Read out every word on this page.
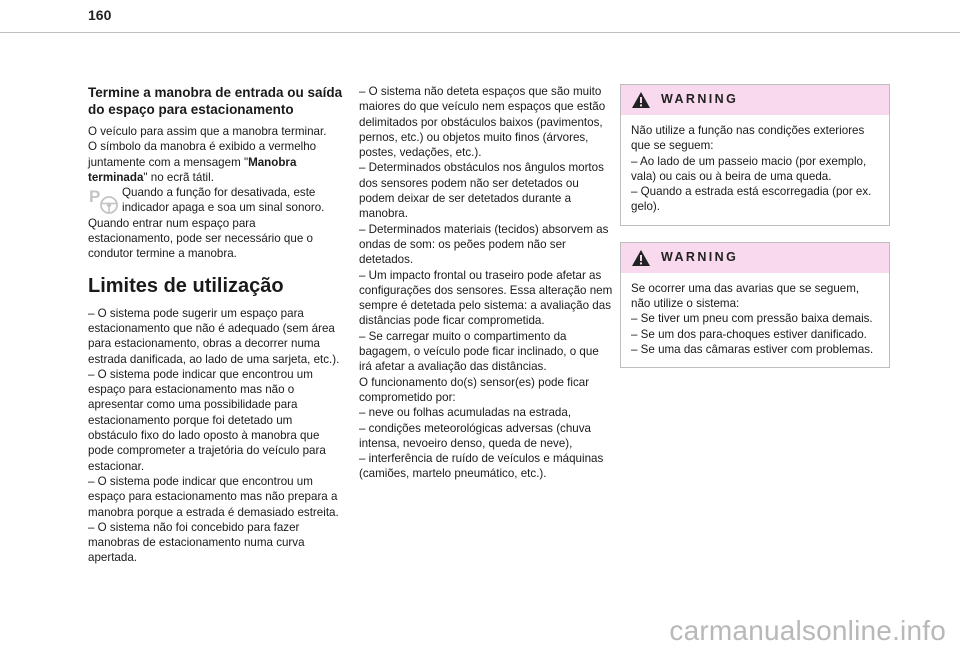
160
Termine a manobra de entrada ou saída do espaço para estacionamento

O veículo para assim que a manobra terminar.
O símbolo da manobra é exibido a vermelho juntamente com a mensagem "Manobra terminada" no ecrã tátil.

P Quando a função for desativada, este indicador apaga e soa um sinal sonoro.

Quando entrar num espaço para estacionamento, pode ser necessário que o condutor termine a manobra.

Limites de utilização

– O sistema pode sugerir um espaço para estacionamento que não é adequado (sem área para estacionamento, obras a decorrer numa estrada danificada, ao lado de uma sarjeta, etc.).
– O sistema pode indicar que encontrou um espaço para estacionamento mas não o apresentar como uma possibilidade para estacionamento porque foi detetado um obstáculo fixo do lado oposto à manobra que pode comprometer a trajetória do veículo para estacionar.
– O sistema pode indicar que encontrou um espaço para estacionamento mas não prepara a manobra porque a estrada é demasiado estreita.
– O sistema não foi concebido para fazer manobras de estacionamento numa curva apertada.

– O sistema não deteta espaços que são muito maiores do que veículo nem espaços que estão delimitados por obstáculos baixos (pavimentos, pernos, etc.) ou objetos muito finos (árvores, postes, vedações, etc.).
– Determinados obstáculos nos ângulos mortos dos sensores podem não ser detetados ou podem deixar de ser detetados durante a manobra.
– Determinados materiais (tecidos) absorvem as ondas de som: os peões podem não ser detetados.
– Um impacto frontal ou traseiro pode afetar as configurações dos sensores. Essa alteração nem sempre é detetada pelo sistema: a avaliação das distâncias pode ficar comprometida.
– Se carregar muito o compartimento da bagagem, o veículo pode ficar inclinado, o que irá afetar a avaliação das distâncias.

O funcionamento do(s) sensor(es) pode ficar comprometido por:
– neve ou folhas acumuladas na estrada,
– condições meteorológicas adversas (chuva intensa, nevoeiro denso, queda de neve),
– interferência de ruído de veículos e máquinas (camiões, martelo pneumático, etc.).

WARNING

Não utilize a função nas condições exteriores que se seguem:
– Ao lado de um passeio macio (por exemplo, vala) ou cais ou à beira de uma queda.
– Quando a estrada está escorregadia (por ex. gelo).

WARNING

Se ocorrer uma das avarias que se seguem, não utilize o sistema:
– Se tiver um pneu com pressão baixa demais.
– Se um dos para-choques estiver danificado.
– Se uma das câmaras estiver com problemas.

carmanualsonline.info
